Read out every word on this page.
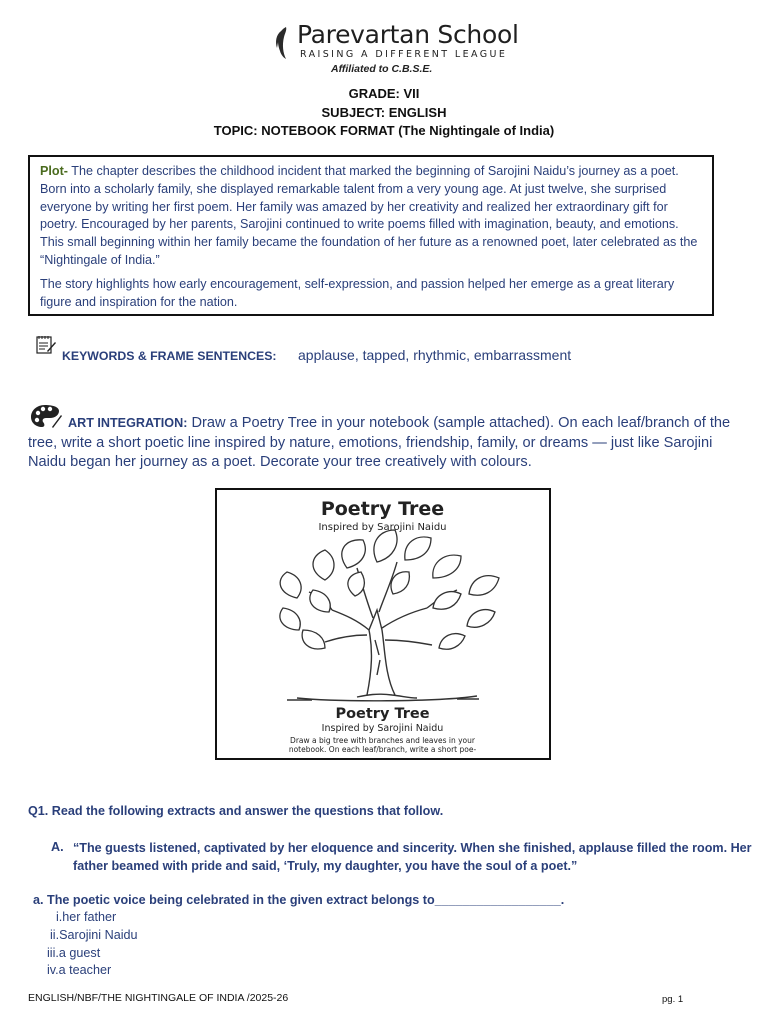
Parevartan School
RAISING A DIFFERENT LEAGUE
Affiliated to C.B.S.E.
GRADE: VII
SUBJECT: ENGLISH
TOPIC: NOTEBOOK FORMAT (The Nightingale of India)

Plot- The chapter describes the childhood incident that marked the beginning of Sarojini Naidu’s journey as a poet. Born into a scholarly family, she displayed remarkable talent from a very young age. At just twelve, she surprised everyone by writing her first poem. Her family was amazed by her creativity and realized her extraordinary gift for poetry. Encouraged by her parents, Sarojini continued to write poems filled with imagination, beauty, and emotions. This small beginning within her family became the foundation of her future as a renowned poet, later celebrated as the “Nightingale of India.”

The story highlights how early encouragement, self-expression, and passion helped her emerge as a great literary figure and inspiration for the nation.

KEYWORDS & FRAME SENTENCES: applause, tapped, rhythmic, embarrassment
ART INTEGRATION: Draw a Poetry Tree in your notebook (sample attached). On each leaf/branch of the tree, write a short poetic line inspired by nature, emotions, friendship, family, or dreams — just like Sarojini Naidu began her journey as a poet. Decorate your tree creatively with colours.
Poetry Tree
Inspired by Sarojini Naidu
Poetry Tree
Inspired by Sarojini Naidu
Draw a big tree with branches and leaves in your
notebook. On each leaf/branch, write a short poe-
Q1. Read the following extracts and answer the questions that follow.
A. “The guests listened, captivated by her eloquence and sincerity. When she finished, applause filled the room. Her father beamed with pride and said, ‘Truly, my daughter, you have the soul of a poet.”
a. The poetic voice being celebrated in the given extract belongs to__________________.
i.her father
ii.Sarojini Naidu
iii.a guest
iv.a teacher
ENGLISH/NBF/THE NIGHTINGALE OF INDIA /2025-26	pg. 1
